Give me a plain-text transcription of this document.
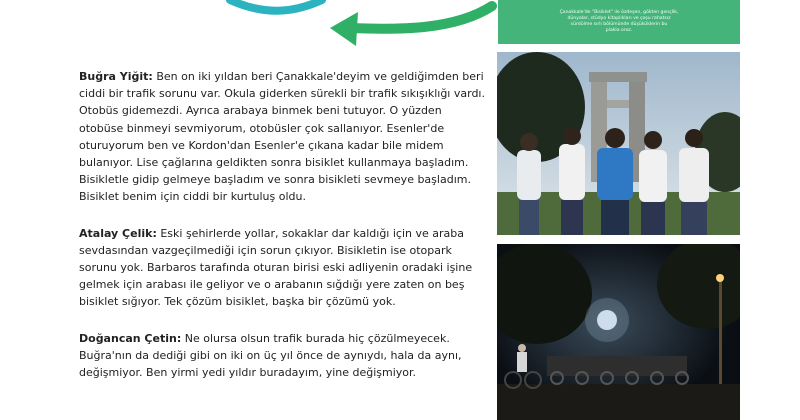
Çanakkale'de "Bisiklet" ile özdeşen, gökten gençlik,
dünyalar, stüdyo kitaplıkları ve çoşu rahatsız
sürdülme sırlı bölümünde düşüküklerin bu
plakla oroz.

Buğra Yiğit: Ben on iki yıldan beri Çanakkale'deyim ve geldiğimden beri ciddi bir trafik sorunu var. Okula giderken sürekli bir trafik sıkışıklığı vardı. Otobüs gidemezdi. Ayrıca arabaya binmek beni tutuyor. O yüzden otobüse binmeyi sevmiyorum, otobüsler çok sallanıyor. Esenler'de oturuyorum ben ve Kordon'dan Esenler'e çıkana kadar bile midem bulanıyor. Lise çağlarına geldikten sonra bisiklet kullanmaya başladım. Bisikletle gidip gelmeye başladım ve sonra bisikleti sevmeye başladım. Bisiklet benim için ciddi bir kurtuluş oldu.

Atalay Çelik: Eski şehirlerde yollar, sokaklar dar kaldığı için ve araba sevdasından vazgeçilmediği için sorun çıkıyor. Bisikletin ise otopark sorunu yok. Barbaros tarafında oturan birisi eski adliyenin oradaki işine gelmek için arabası ile geliyor ve o arabanın sığdığı yere zaten on beş bisiklet sığıyor. Tek çözüm bisiklet, başka bir çözümü yok.

Doğancan Çetin: Ne olursa olsun trafik burada hiç çözülmeyecek. Buğra'nın da dediği gibi on iki on üç yıl önce de aynıydı, hala da aynı, değişmiyor. Ben yirmi yedi yıldır buradayım, yine değişmiyor.
